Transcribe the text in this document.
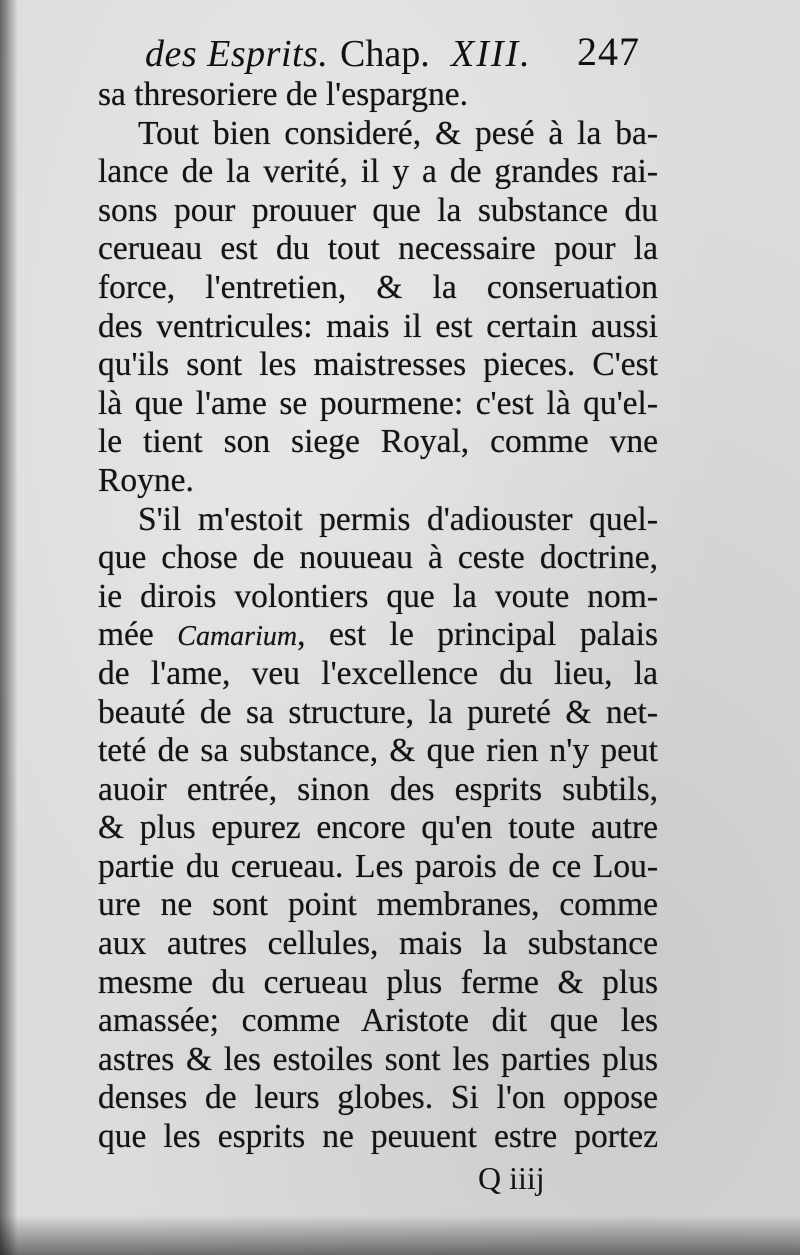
des Esprits. Chap. XIII. 247
sa thresoriere de l'espargne.
Tout bien consideré, & pesé à la ba-
lance de la verité, il y a de grandes rai-
sons pour prouuer que la substance du
cerueau est du tout necessaire pour la
force, l'entretien, & la conseruation
des ventricules: mais il est certain aussi
qu'ils sont les maistresses pieces. C'est
là que l'ame se pourmene: c'est là qu'el-
le tient son siege Royal, comme vne
Royne.
S'il m'estoit permis d'adiouster quel-
que chose de nouueau à ceste doctrine,
ie dirois volontiers que la voute nom-
mée Camarium, est le principal palais
de l'ame, veu l'excellence du lieu, la
beauté de sa structure, la pureté & net-
teté de sa substance, & que rien n'y peut
auoir entrée, sinon des esprits subtils,
& plus epurez encore qu'en toute autre
partie du cerueau. Les parois de ce Lou-
ure ne sont point membranes, comme
aux autres cellules, mais la substance
mesme du cerueau plus ferme & plus
amassée; comme Aristote dit que les
astres & les estoiles sont les parties plus
denses de leurs globes. Si l'on oppose
que les esprits ne peuuent estre portez
Q iiij
